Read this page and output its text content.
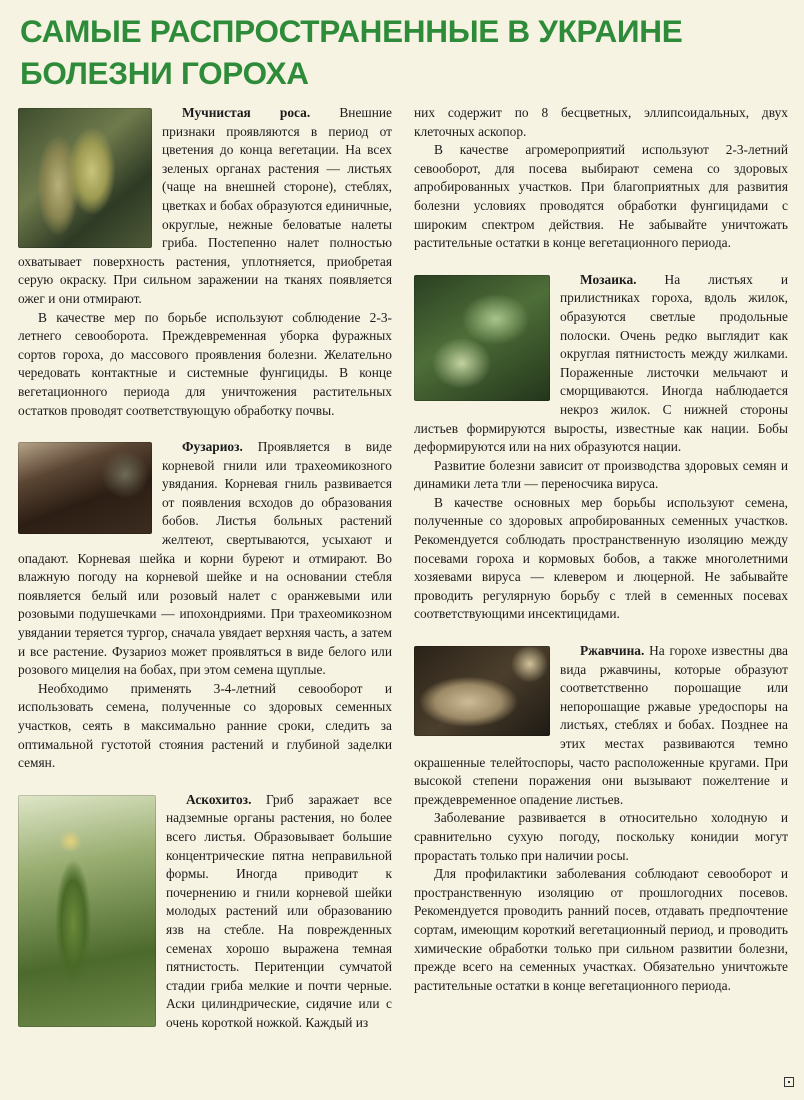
САМЫЕ РАСПРОСТРАНЕННЫЕ В УКРАИНЕ БОЛЕЗНИ ГОРОХА

Мучнистая роса. Внешние признаки проявляются в период от цветения до конца вегетации. На всех зеленых органах растения — листьях (чаще на внешней стороне), стеблях, цветках и бобах образуются единичные, округлые, нежные беловатые налеты гриба. Постепенно налет полностью охватывает поверхность растения, уплотняется, приобретая серую окраску. При сильном заражении на тканях появляется ожег и они отмирают.

В качестве мер по борьбе используют соблюдение 2-3-летнего севооборота. Преждевременная уборка фуражных сортов гороха, до массового проявления болезни. Желательно чередовать контактные и системные фунгициды. В конце вегетационного периода для уничтожения растительных остатков проводят соответствующую обработку почвы.

Фузариоз. Проявляется в виде корневой гнили или трахеомикозного увядания. Корневая гниль развивается от появления всходов до образования бобов. Листья больных растений желтеют, свертываются, усыхают и опадают. Корневая шейка и корни буреют и отмирают. Во влажную погоду на корневой шейке и на основании стебля появляется белый или розовый налет с оранжевыми или розовыми подушечками — ипохондриями. При трахеомикозном увядании теряется тургор, сначала увядает верхняя часть, а затем и все растение. Фузариоз может проявляться в виде белого или розового мицелия на бобах, при этом семена щуплые.

Необходимо применять 3-4-летний севооборот и использовать семена, полученные со здоровых семенных участков, сеять в максимально ранние сроки, следить за оптимальной густотой стояния растений и глубиной заделки семян.

Аскохитоз. Гриб заражает все надземные органы растения, но более всего листья. Образовывает большие концентрические пятна неправильной формы. Иногда приводит к почернению и гнили корневой шейки молодых растений или образованию язв на стебле. На поврежденных семенах хорошо выражена темная пятнистость. Перитенции сумчатой стадии гриба мелкие и почти черные. Аски цилиндрические, сидячие или с очень короткой ножкой. Каждый из

них содержит по 8 бесцветных, эллипсоидальных, двух клеточных аскопор.

В качестве агромероприятий используют 2-3-летний севооборот, для посева выбирают семена со здоровых апробированных участков. При благоприятных для развития болезни условиях проводятся обработки фунгицидами с широким спектром действия. Не забывайте уничтожать растительные остатки в конце вегетационного периода.

Мозаика. На листьях и прилистниках гороха, вдоль жилок, образуются светлые продольные полоски. Очень редко выглядит как округлая пятнистость между жилками. Пораженные листочки мельчают и сморщиваются. Иногда наблюдается некроз жилок. С нижней стороны листьев формируются выросты, известные как нации. Бобы деформируются или на них образуются нации.

Развитие болезни зависит от производства здоровых семян и динамики лета тли — переносчика вируса.

В качестве основных мер борьбы используют семена, полученные со здоровых апробированных семенных участков. Рекомендуется соблюдать пространственную изоляцию между посевами гороха и кормовых бобов, а также многолетними хозяевами вируса — клевером и люцерной. Не забывайте проводить регулярную борьбу с тлей в семенных посевах соответствующими инсектицидами.

Ржавчина. На горохе известны два вида ржавчины, которые образуют соответственно порошащие или непорошащие ржавые уредоспоры на листьях, стеблях и бобах. Позднее на этих местах развиваются темно окрашенные телейтоспоры, часто расположенные кругами. При высокой степени поражения они вызывают пожелтение и преждевременное опадение листьев.

Заболевание развивается в относительно холодную и сравнительно сухую погоду, поскольку конидии могут прорастать только при наличии росы.

Для профилактики заболевания соблюдают севооборот и пространственную изоляцию от прошлогодних посевов. Рекомендуется проводить ранний посев, отдавать предпочтение сортам, имеющим короткий вегетационный период, и проводить химические обработки только при сильном развитии болезни, прежде всего на семенных участках. Обязательно уничтожьте растительные остатки в конце вегетационного периода.
